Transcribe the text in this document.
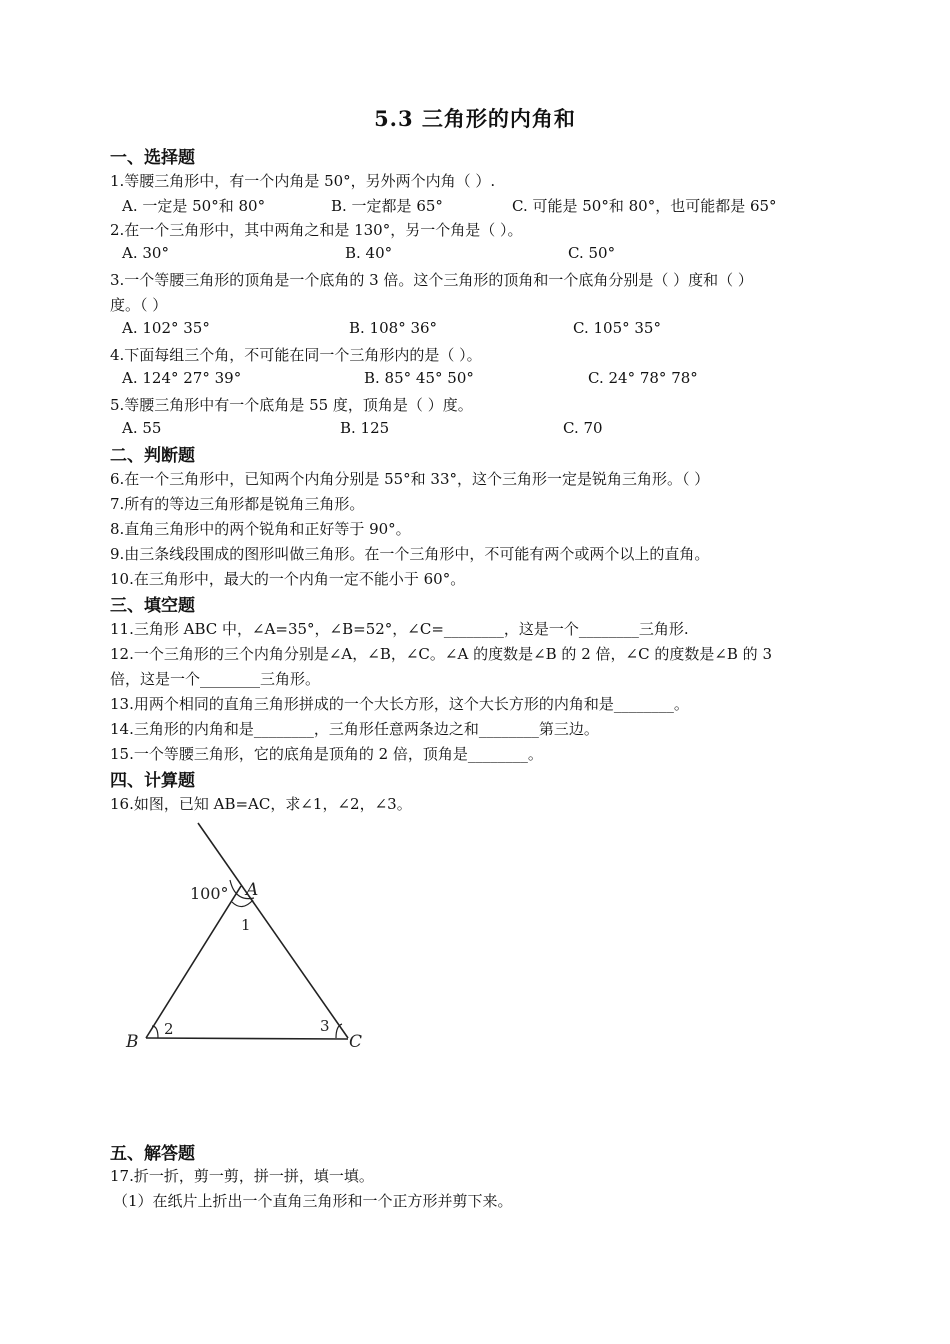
5.3 三角形的内角和
一、选择题
1.等腰三角形中，有一个内角是 50°，另外两个内角（ ）.
A. 一定是 50°和 80°	B. 一定都是 65°	C. 可能是 50°和 80°，也可能都是 65°
2.在一个三角形中，其中两角之和是 130°，另一个角是（ ）。
A. 30°	B. 40°	C. 50°
3.一个等腰三角形的顶角是一个底角的 3 倍。这个三角形的顶角和一个底角分别是（ ）度和（ ）
度。（ ）
A. 102° 35°	B. 108° 36°	C. 105° 35°
4.下面每组三个角，不可能在同一个三角形内的是（ ）。
A. 124° 27° 39°	B. 85° 45° 50°	C. 24° 78° 78°
5.等腰三角形中有一个底角是 55 度，顶角是（ ）度。
A. 55	B. 125	C. 70
二、判断题
6.在一个三角形中，已知两个内角分别是 55°和 33°，这个三角形一定是锐角三角形。（ ）
7.所有的等边三角形都是锐角三角形。
8.直角三角形中的两个锐角和正好等于 90°。
9.由三条线段围成的图形叫做三角形。在一个三角形中，不可能有两个或两个以上的直角。
10.在三角形中，最大的一个内角一定不能小于 60°。
三、填空题
11.三角形 ABC 中，∠A=35°，∠B=52°，∠C=________，这是一个________三角形.
12.一个三角形的三个内角分别是∠A，∠B，∠C。∠A 的度数是∠B 的 2 倍，∠C 的度数是∠B 的 3
倍，这是一个________三角形。
13.用两个相同的直角三角形拼成的一个大长方形，这个大长方形的内角和是________。
14.三角形的内角和是________，三角形任意两条边之和________第三边。
15.一个等腰三角形，它的底角是顶角的 2 倍，顶角是________。
四、计算题
16.如图，已知 AB=AC，求∠1，∠2，∠3。
100° A
1
2	3
B	C
五、解答题
17.折一折，剪一剪，拼一拼，填一填。
（1）在纸片上折出一个直角三角形和一个正方形并剪下来。
